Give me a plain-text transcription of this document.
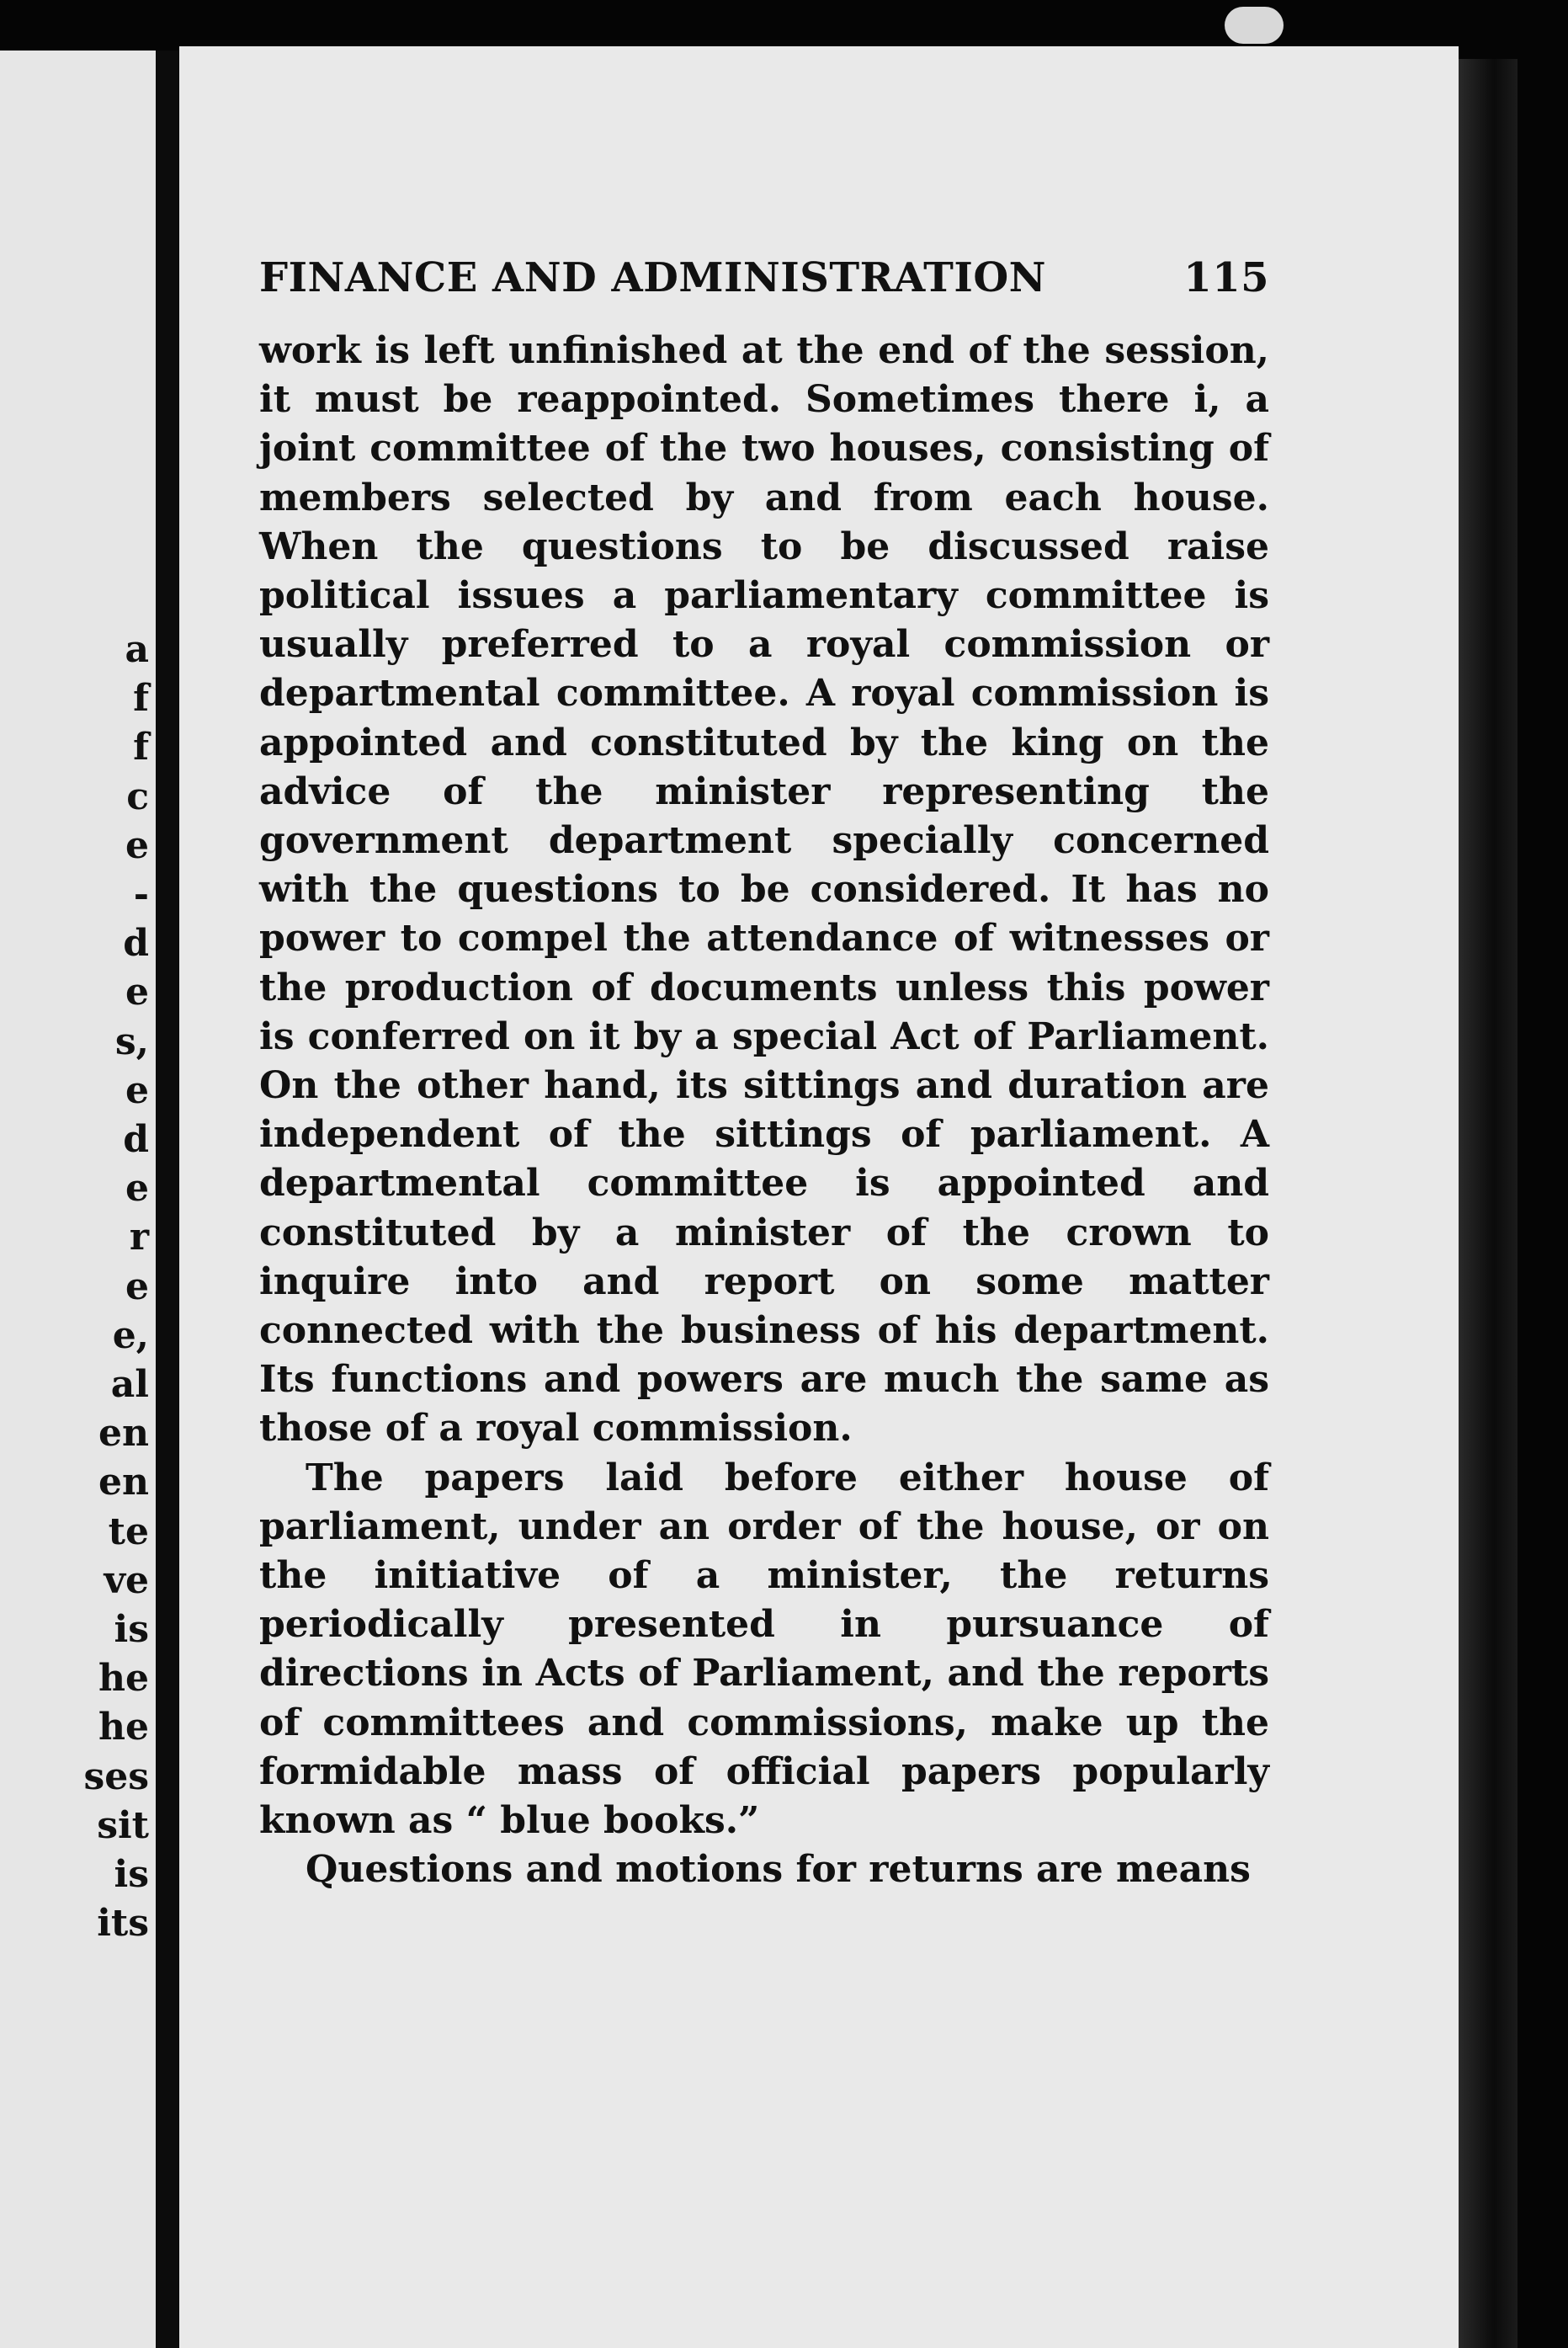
a
f
f
c
e
-
d
e
s,
e
d
e
r
e
e,
al
en
en
te
ve
is
he
he
ses
sit
is
its
FINANCE AND ADMINISTRATION	115

work is left unfinished at the end of the session, it must be reappointed. Sometimes there i, a joint committee of the two houses, consisting of members selected by and from each house. When the questions to be discussed raise political issues a parliamentary committee is usually preferred to a royal commission or departmental committee. A royal commission is appointed and constituted by the king on the advice of the minister representing the government department specially concerned with the questions to be considered. It has no power to compel the attendance of witnesses or the production of documents unless this power is conferred on it by a special Act of Parliament. On the other hand, its sittings and duration are independent of the sittings of parliament. A departmental committee is appointed and constituted by a minister of the crown to inquire into and report on some matter connected with the business of his department. Its functions and powers are much the same as those of a royal commission.

The papers laid before either house of parliament, under an order of the house, or on the initiative of a minister, the returns periodically presented in pursuance of directions in Acts of Parliament, and the reports of committees and commissions, make up the formidable mass of official papers popularly known as “ blue books.”

Questions and motions for returns are means
